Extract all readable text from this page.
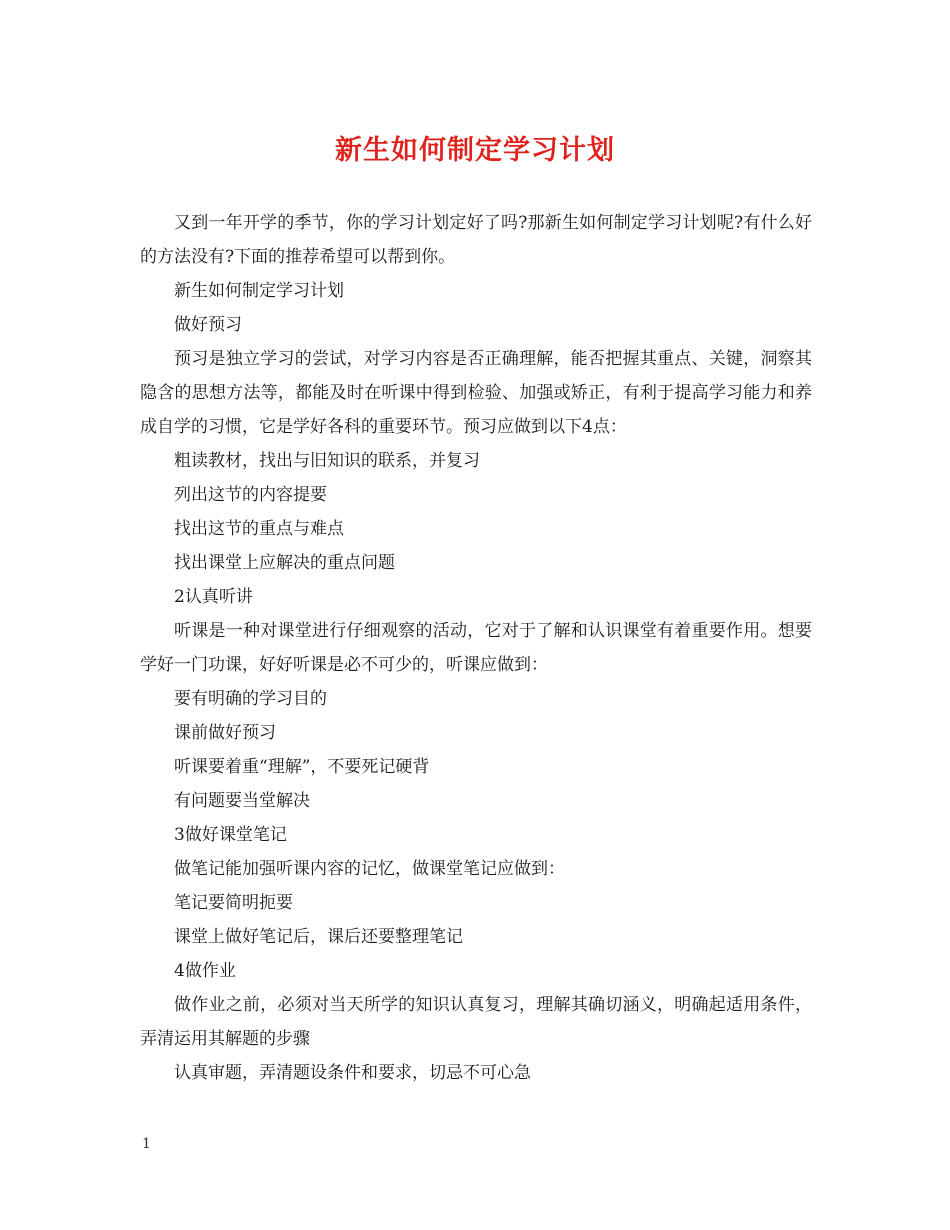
新生如何制定学习计划

又到一年开学的季节，你的学习计划定好了吗?那新生如何制定学习计划呢?有什么好的方法没有?下面的推荐希望可以帮到你。

新生如何制定学习计划

做好预习

预习是独立学习的尝试，对学习内容是否正确理解，能否把握其重点、关键，洞察其隐含的思想方法等，都能及时在听课中得到检验、加强或矫正，有利于提高学习能力和养成自学的习惯，它是学好各科的重要环节。预习应做到以下4点：

粗读教材，找出与旧知识的联系，并复习

列出这节的内容提要

找出这节的重点与难点

找出课堂上应解决的重点问题

2认真听讲

听课是一种对课堂进行仔细观察的活动，它对于了解和认识课堂有着重要作用。想要学好一门功课，好好听课是必不可少的，听课应做到：

要有明确的学习目的

课前做好预习

听课要着重“理解”，不要死记硬背

有问题要当堂解决

3做好课堂笔记

做笔记能加强听课内容的记忆，做课堂笔记应做到：

笔记要简明扼要

课堂上做好笔记后，课后还要整理笔记

4做作业

做作业之前，必须对当天所学的知识认真复习，理解其确切涵义，明确起适用条件，弄清运用其解题的步骤

认真审题，弄清题设条件和要求，切忌不可心急

1
